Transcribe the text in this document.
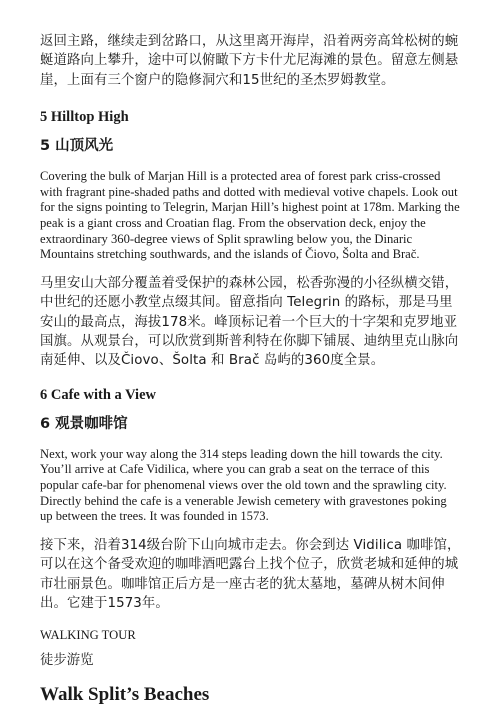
返回主路，继续走到岔路口，从这里离开海岸，沿着两旁高耸松树的蜿蜒道路向上攀升，途中可以俯瞰下方卡什尤尼海滩的景色。留意左侧悬崖，上面有三个窗户的隐修洞穴和15世纪的圣杰罗姆教堂。

5 Hilltop High
5 山顶风光

Covering the bulk of Marjan Hill is a protected area of forest park criss-crossed with fragrant pine-shaded paths and dotted with medieval votive chapels. Look out for the signs pointing to Telegrin, Marjan Hill’s highest point at 178m. Marking the peak is a giant cross and Croatian flag. From the observation deck, enjoy the extraordinary 360-degree views of Split sprawling below you, the Dinaric Mountains stretching southwards, and the islands of Čiovo, Šolta and Brač.

马里安山大部分覆盖着受保护的森林公园，松香弥漫的小径纵横交错，中世纪的还愿小教堂点缀其间。留意指向 Telegrin 的路标，那是马里安山的最高点，海拔178米。峰顶标记着一个巨大的十字架和克罗地亚国旗。从观景台，可以欣赏到斯普利特在你脚下铺展、迪纳里克山脉向南延伸、以及Čiovo、Šolta 和 Brač 岛屿的360度全景。

6 Cafe with a View
6 观景咖啡馆

Next, work your way along the 314 steps leading down the hill towards the city. You’ll arrive at Cafe Vidilica, where you can grab a seat on the terrace of this popular cafe-bar for phenomenal views over the old town and the sprawling city. Directly behind the cafe is a venerable Jewish cemetery with gravestones poking up between the trees. It was founded in 1573.

接下来，沿着314级台阶下山向城市走去。你会到达 Vidilica 咖啡馆，可以在这个备受欢迎的咖啡酒吧露台上找个位子，欣赏老城和延伸的城市壮丽景色。咖啡馆正后方是一座古老的犹太墓地，墓碑从树木间伸出。它建于1573年。

WALKING TOUR

徒步游览

Walk Split’s Beaches
